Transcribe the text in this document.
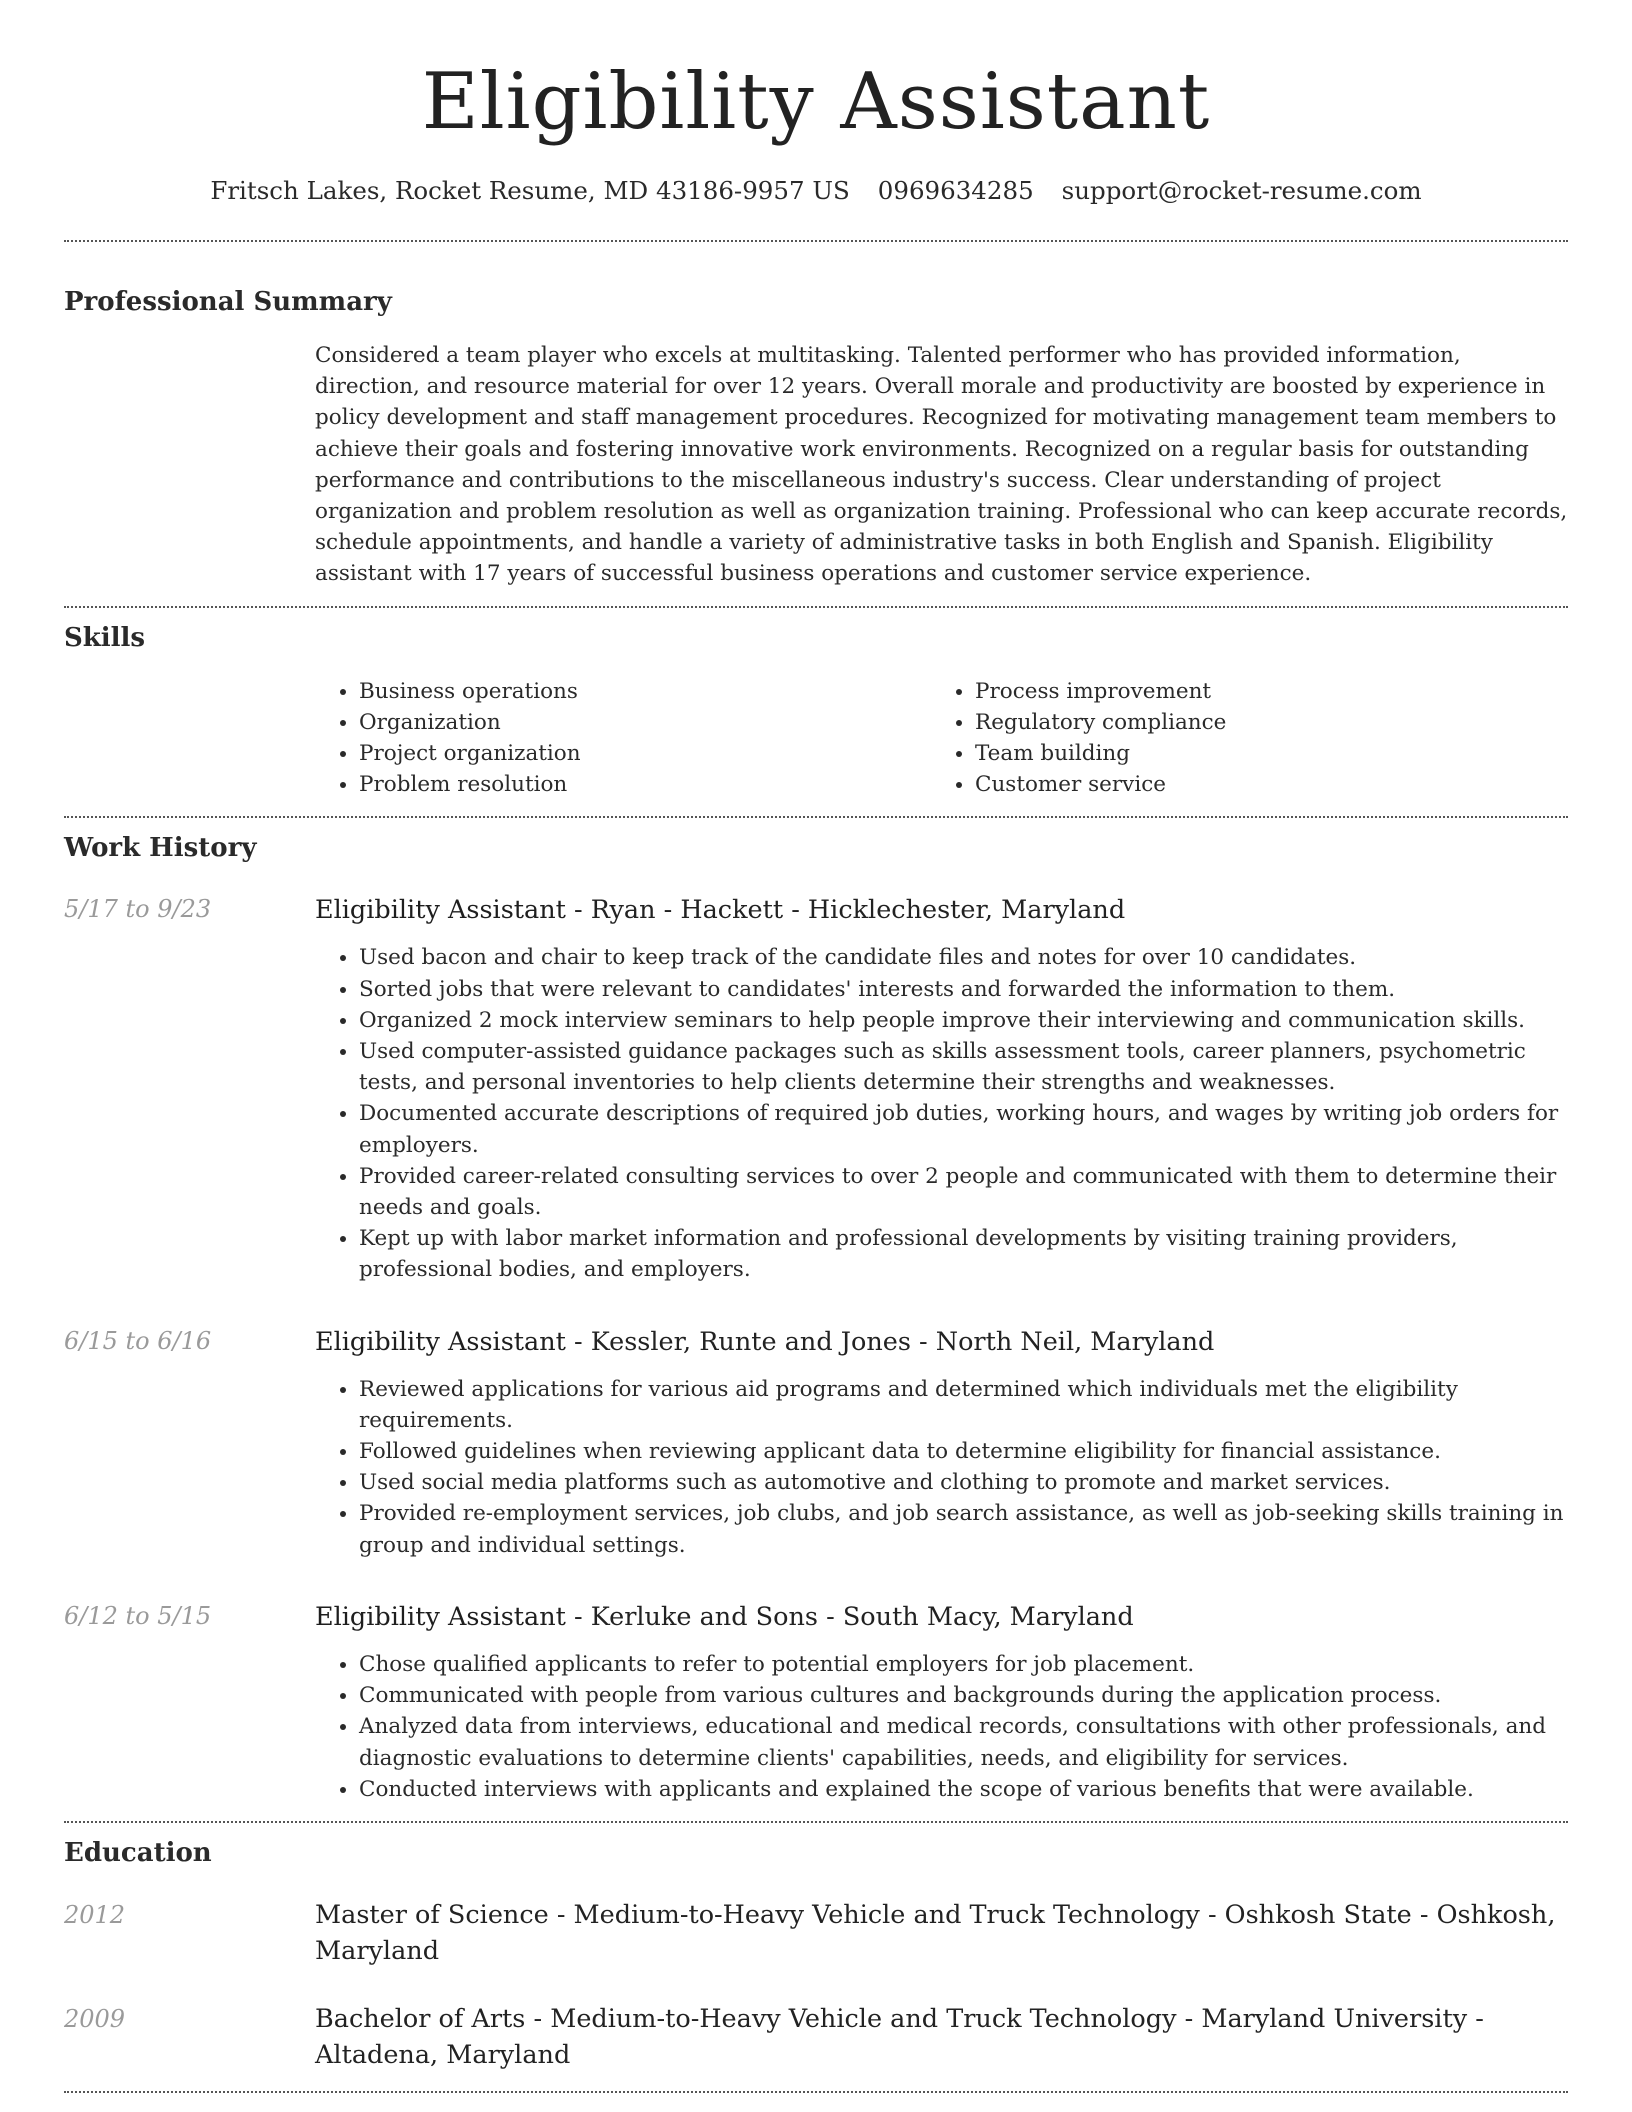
Eligibility Assistant
Fritsch Lakes, Rocket Resume, MD 43186-9957 US 0969634285 support@rocket-resume.com
Professional Summary
Considered a team player who excels at multitasking. Talented performer who has provided information, direction, and resource material for over 12 years. Overall morale and productivity are boosted by experience in policy development and staff management procedures. Recognized for motivating management team members to achieve their goals and fostering innovative work environments. Recognized on a regular basis for outstanding performance and contributions to the miscellaneous industry's success. Clear understanding of project organization and problem resolution as well as organization training. Professional who can keep accurate records, schedule appointments, and handle a variety of administrative tasks in both English and Spanish. Eligibility assistant with 17 years of successful business operations and customer service experience.
Skills
• Business operations
• Organization
• Project organization
• Problem resolution
• Process improvement
• Regulatory compliance
• Team building
• Customer service
Work History
5/17 to 9/23	Eligibility Assistant - Ryan - Hackett - Hicklechester, Maryland
• Used bacon and chair to keep track of the candidate files and notes for over 10 candidates.
• Sorted jobs that were relevant to candidates' interests and forwarded the information to them.
• Organized 2 mock interview seminars to help people improve their interviewing and communication skills.
• Used computer-assisted guidance packages such as skills assessment tools, career planners, psychometric tests, and personal inventories to help clients determine their strengths and weaknesses.
• Documented accurate descriptions of required job duties, working hours, and wages by writing job orders for employers.
• Provided career-related consulting services to over 2 people and communicated with them to determine their needs and goals.
• Kept up with labor market information and professional developments by visiting training providers, professional bodies, and employers.
6/15 to 6/16	Eligibility Assistant - Kessler, Runte and Jones - North Neil, Maryland
• Reviewed applications for various aid programs and determined which individuals met the eligibility requirements.
• Followed guidelines when reviewing applicant data to determine eligibility for financial assistance.
• Used social media platforms such as automotive and clothing to promote and market services.
• Provided re-employment services, job clubs, and job search assistance, as well as job-seeking skills training in group and individual settings.
6/12 to 5/15	Eligibility Assistant - Kerluke and Sons - South Macy, Maryland
• Chose qualified applicants to refer to potential employers for job placement.
• Communicated with people from various cultures and backgrounds during the application process.
• Analyzed data from interviews, educational and medical records, consultations with other professionals, and diagnostic evaluations to determine clients' capabilities, needs, and eligibility for services.
• Conducted interviews with applicants and explained the scope of various benefits that were available.
Education
2012	Master of Science - Medium-to-Heavy Vehicle and Truck Technology - Oshkosh State - Oshkosh, Maryland
2009	Bachelor of Arts - Medium-to-Heavy Vehicle and Truck Technology - Maryland University - Altadena, Maryland
